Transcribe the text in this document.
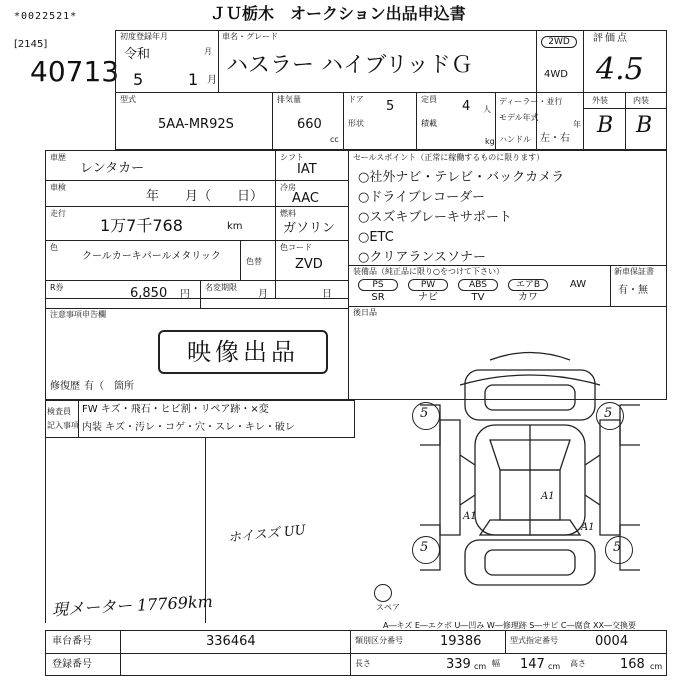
*0022521*	ＪＵ栃木　オークション出品申込書
[2145]
40713
初度登録年月
令和	月
5	1 月
車名・グレード
ハスラー ハイブリッドＧ
2WD
4WD
評価点
4.5
外装	内装
B B
型式
5AA-MR92S
排気量
660
cc
ドア 5
形状
定員 4 人
積載
kg
ディーラー・並行
モデル年式
年
ハンドル 左・右
車歴
レンタカー
車検
年　　月（　　日）
走行
1万7千768	km
色
クールカーキパールメタリック
シフト
IAT
冷房
AAC
燃料
ガソリン
色コード
ZVD
色替
R券	6,850 円
名変期限
月	日
注意事項申告欄
映像出品
修復歴 有（　箇所
セールスポイント（正常に稼働するものに限ります）
○社外ナビ・テレビ・バックカメラ
○ドライブレコーダー
○スズキブレーキサポート
○ETC
○クリアランスソナー
装備品（純正品に限り○をつけて下さい）
PS	PW	ABS	エアB	AW
SR	ナビ	TV	カワ
新車保証書
有・無
後日品
検査員
記入事項
FW キズ・飛石・ヒビ割・リペア跡・×変
内装 キズ・汚レ・コゲ・穴・スレ・キレ・破レ
ホイスズ UU
現メーター 17769km
5	5
5	5
A1
A1
A1
スペア
A―キズ E―エクボ U―凹み W―修理跡 S―サビ C―腐食 XX―交換要
車台番号	336464
登録番号
類別区分番号	19386	型式指定番号	0004
長さ	339 cm 幅 147 cm 高さ	168 cm
